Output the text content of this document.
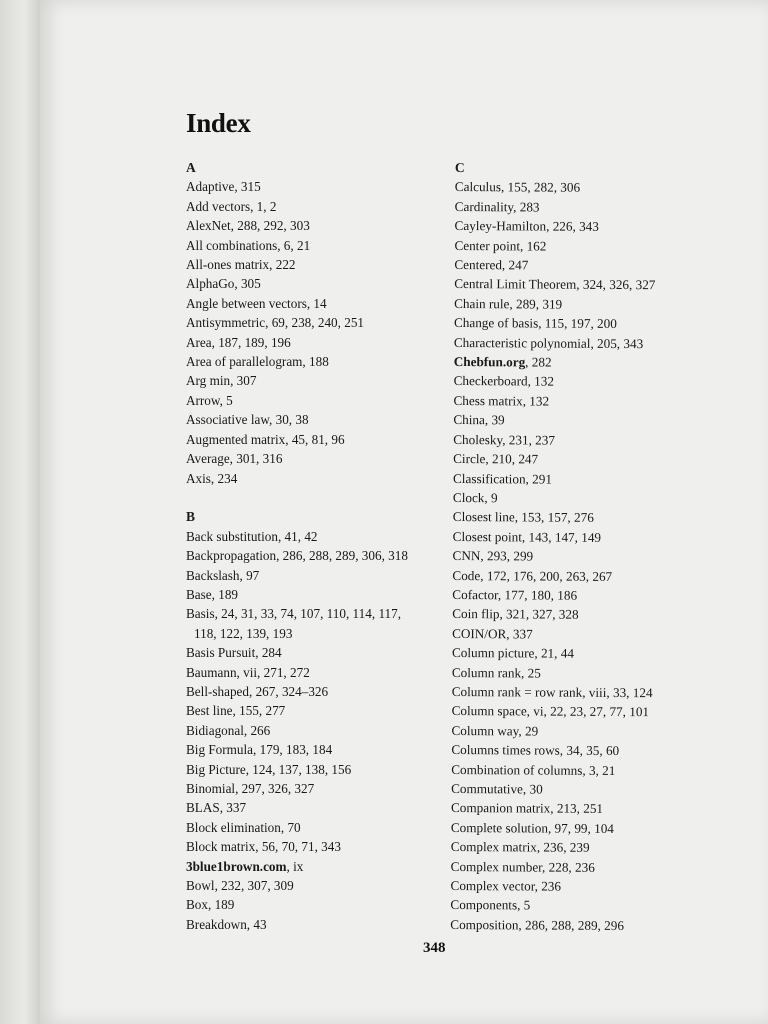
Index
A
Adaptive, 315
Add vectors, 1, 2
AlexNet, 288, 292, 303
All combinations, 6, 21
All-ones matrix, 222
AlphaGo, 305
Angle between vectors, 14
Antisymmetric, 69, 238, 240, 251
Area, 187, 189, 196
Area of parallelogram, 188
Arg min, 307
Arrow, 5
Associative law, 30, 38
Augmented matrix, 45, 81, 96
Average, 301, 316
Axis, 234
B
Back substitution, 41, 42
Backpropagation, 286, 288, 289, 306, 318
Backslash, 97
Base, 189
Basis, 24, 31, 33, 74, 107, 110, 114, 117,
118, 122, 139, 193
Basis Pursuit, 284
Baumann, vii, 271, 272
Bell-shaped, 267, 324–326
Best line, 155, 277
Bidiagonal, 266
Big Formula, 179, 183, 184
Big Picture, 124, 137, 138, 156
Binomial, 297, 326, 327
BLAS, 337
Block elimination, 70
Block matrix, 56, 70, 71, 343
3blue1brown.com, ix
Bowl, 232, 307, 309
Box, 189
Breakdown, 43
C
Calculus, 155, 282, 306
Cardinality, 283
Cayley-Hamilton, 226, 343
Center point, 162
Centered, 247
Central Limit Theorem, 324, 326, 327
Chain rule, 289, 319
Change of basis, 115, 197, 200
Characteristic polynomial, 205, 343
Chebfun.org, 282
Checkerboard, 132
Chess matrix, 132
China, 39
Cholesky, 231, 237
Circle, 210, 247
Classification, 291
Clock, 9
Closest line, 153, 157, 276
Closest point, 143, 147, 149
CNN, 293, 299
Code, 172, 176, 200, 263, 267
Cofactor, 177, 180, 186
Coin flip, 321, 327, 328
COIN/OR, 337
Column picture, 21, 44
Column rank, 25
Column rank = row rank, viii, 33, 124
Column space, vi, 22, 23, 27, 77, 101
Column way, 29
Columns times rows, 34, 35, 60
Combination of columns, 3, 21
Commutative, 30
Companion matrix, 213, 251
Complete solution, 97, 99, 104
Complex matrix, 236, 239
Complex number, 228, 236
Complex vector, 236
Components, 5
Composition, 286, 288, 289, 296
348
